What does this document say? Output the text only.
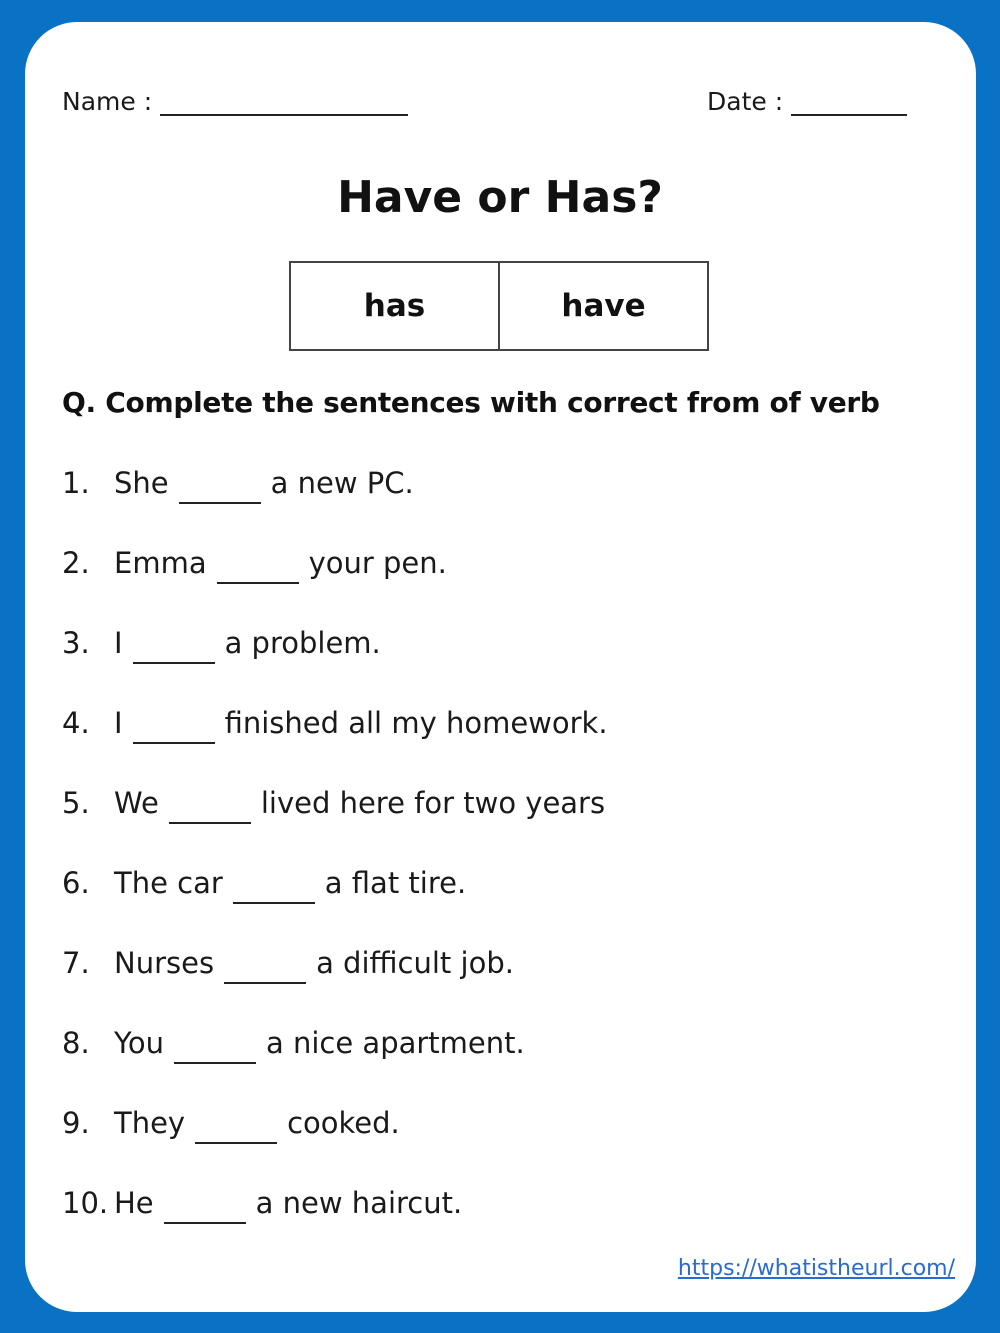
Name :	Date :
Have or Has?
has	have
Q. Complete the sentences with correct from of verb
1. She	a new PC.
2. Emma	your pen.
3. I	a problem.
4. I	finished all my homework.
5. We	lived here for two years
6. The car	a flat tire.
7. Nurses	a difficult job.
8. You	a nice apartment.
9. They	cooked.
10. He	a new haircut.
https://whatistheurl.com/
